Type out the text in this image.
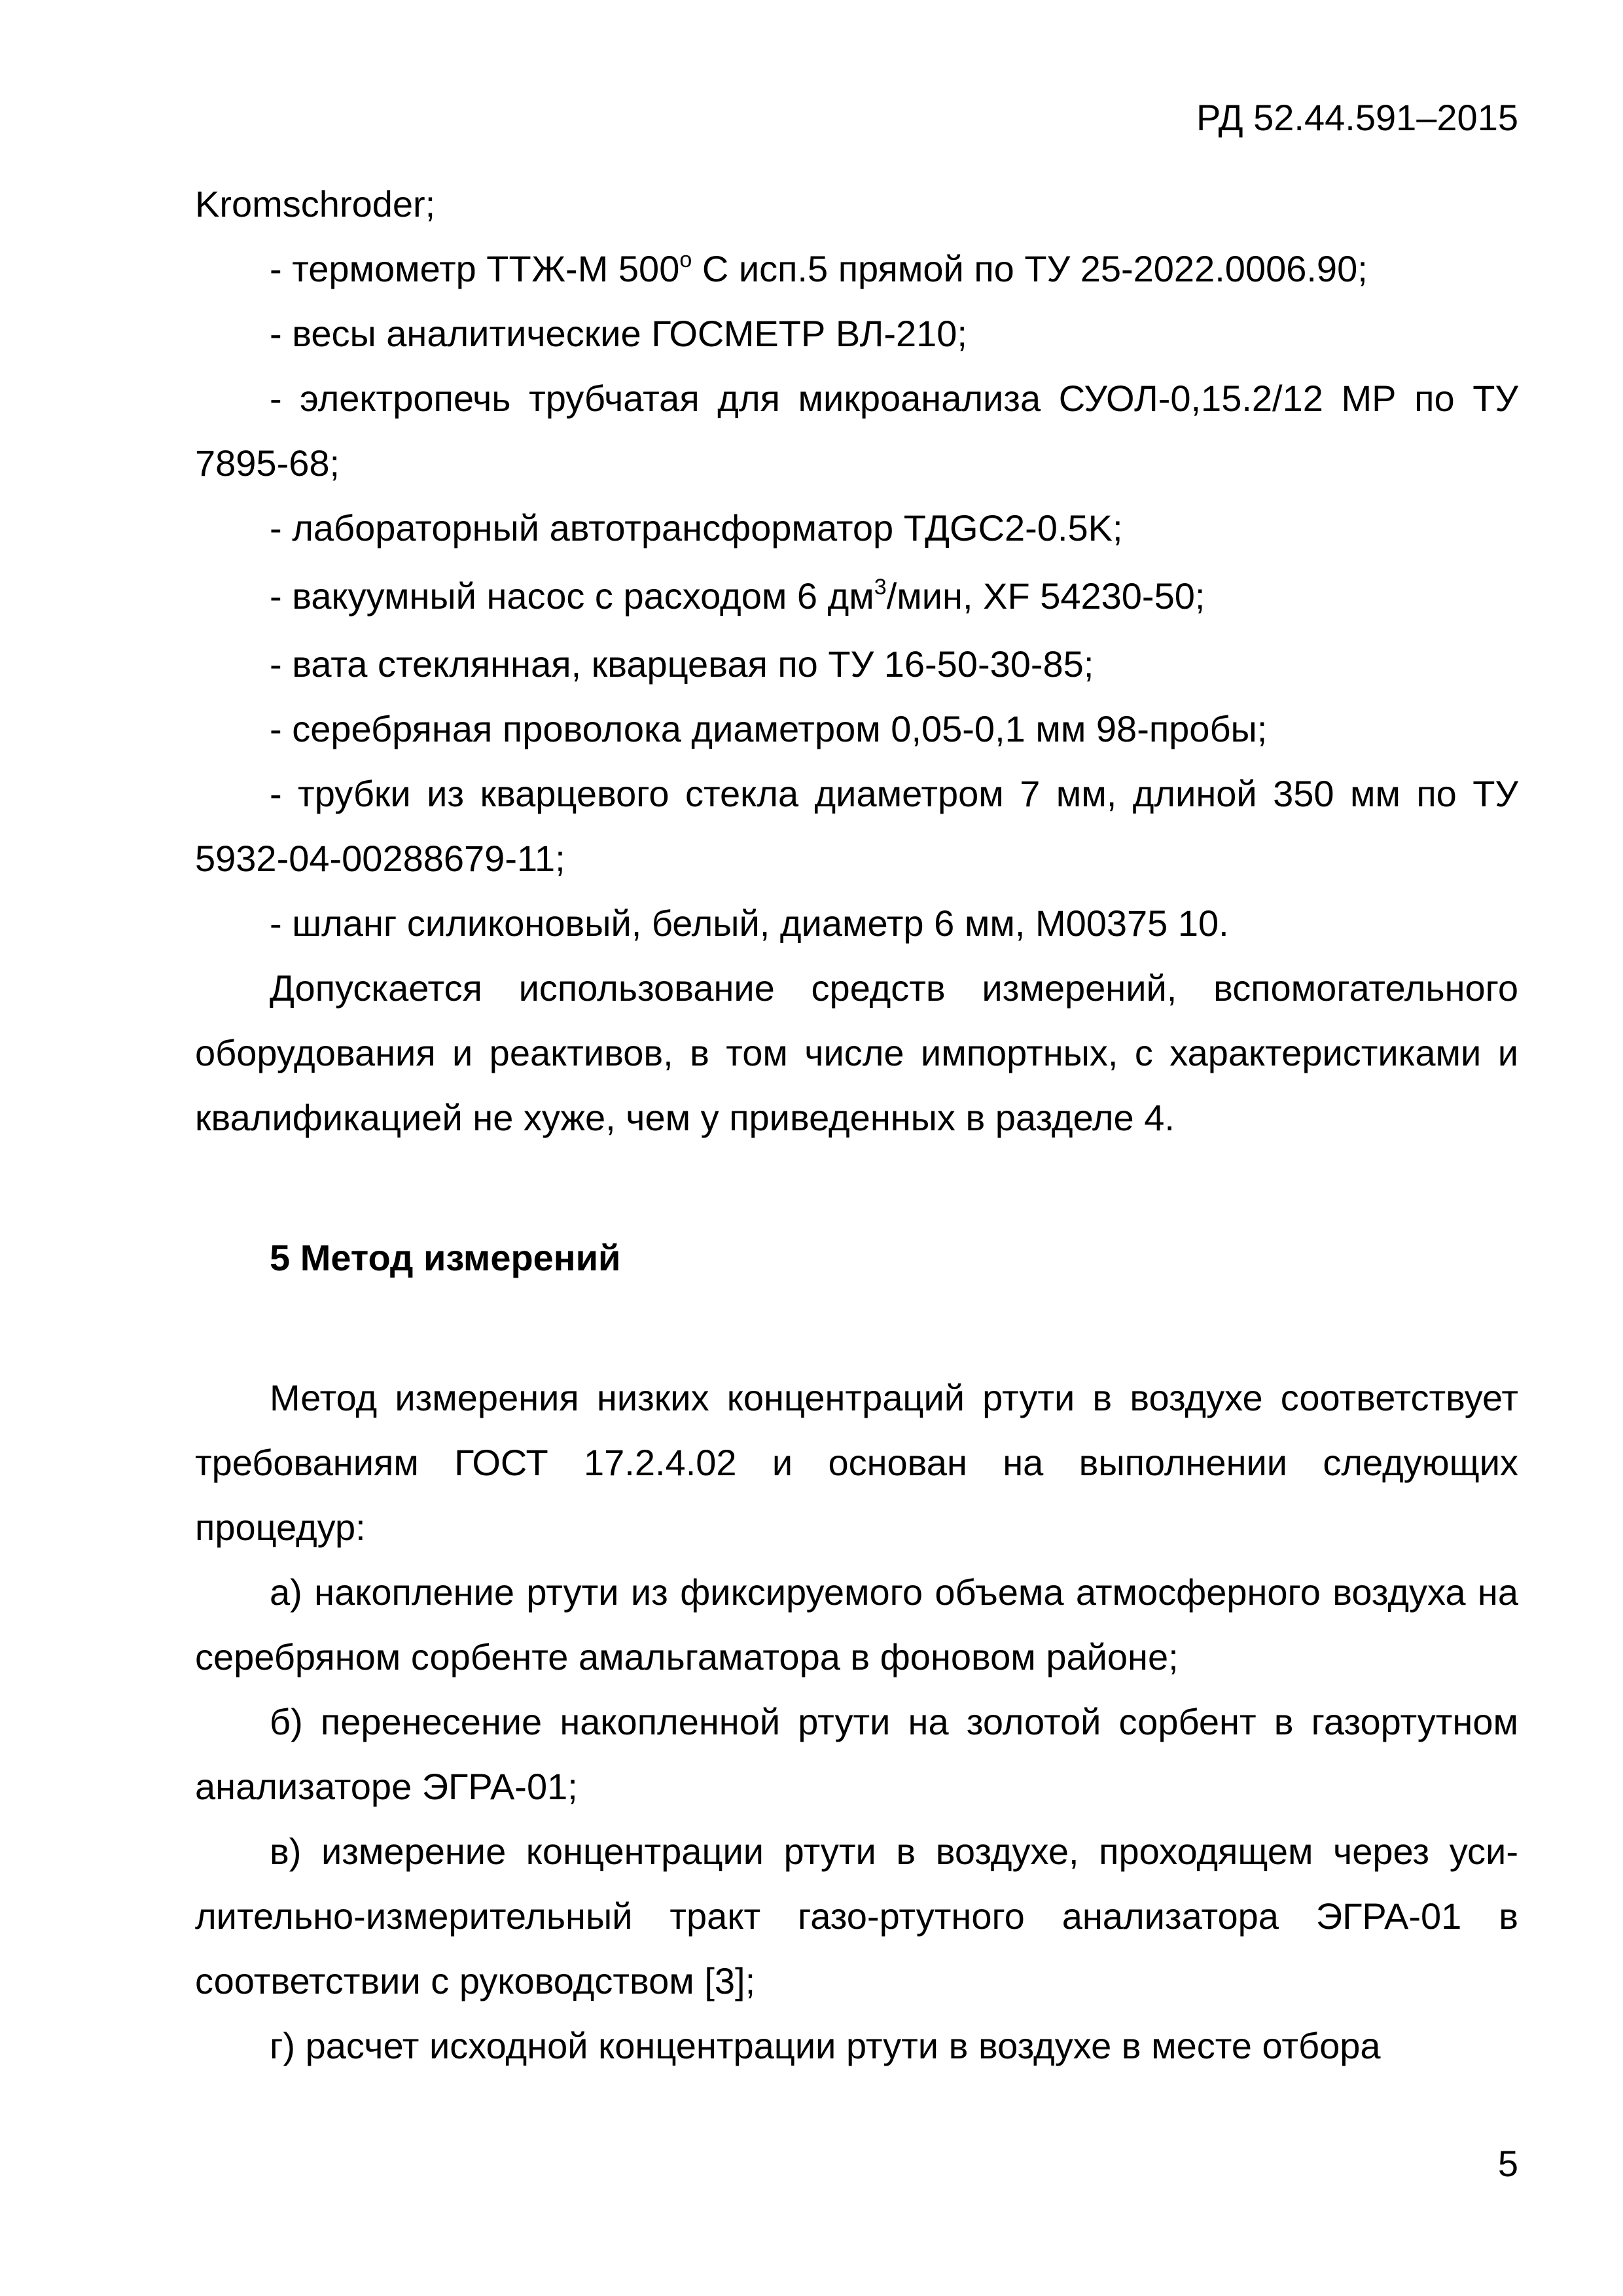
РД 52.44.591–2015

Kromschroder;

- термометр ТТЖ-М $500^о$ С исп.5 прямой по ТУ 25-2022.0006.90;

- весы аналитические ГОСМЕТР ВЛ-210;

- электропечь трубчатая для микроанализа СУОЛ-0,15.2/12 МР по ТУ 7895-68;

- лабораторный автотрансформатор ТДGC2-0.5K;

- вакуумный насос с расходом 6 $дм^3$/мин, XF 54230-50;

- вата стеклянная, кварцевая по ТУ 16-50-30-85;

- серебряная проволока диаметром 0,05-0,1 мм 98-пробы;

- трубки из кварцевого стекла диаметром 7 мм, длиной 350 мм по ТУ 5932-04-00288679-11;

- шланг силиконовый, белый, диаметр 6 мм, М00375 10.

Допускается использование средств измерений, вспомогательного оборудования и реактивов, в том числе импортных, с характеристиками и квалификацией не хуже, чем у приведенных в разделе 4.

5 Метод измерений

Метод измерения низких концентраций ртути в воздухе соответствует требованиям ГОСТ 17.2.4.02 и основан на выполнении следующих процедур:

а) накопление ртути из фиксируемого объема атмосферного воздуха на серебряном сорбенте амальгаматора в фоновом районе;

б) перенесение накопленной ртути на золотой сорбент в газортутном анализаторе ЭГРА-01;

в) измерение концентрации ртути в воздухе, проходящем через усилительно-измерительный тракт газо-ртутного анализатора ЭГРА-01 в соответствии с руководством [3];

г) расчет исходной концентрации ртути в воздухе в месте отбора

5
